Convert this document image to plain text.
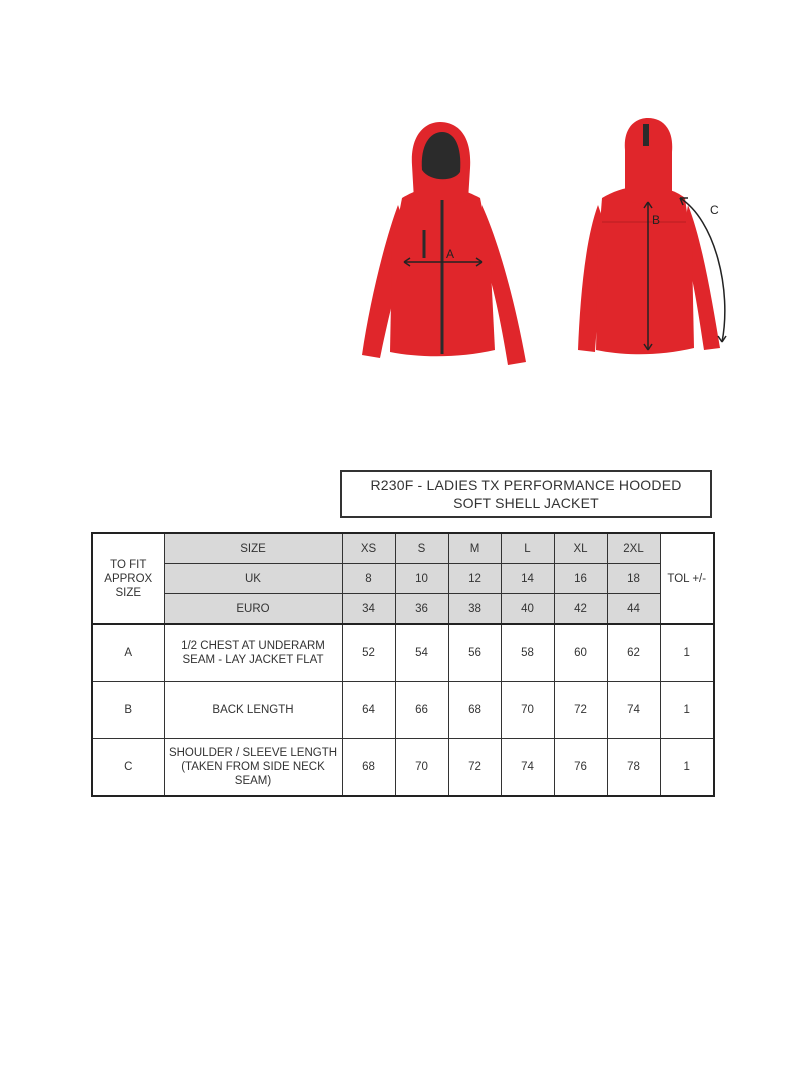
A
B
C
R230F - LADIES TX PERFORMANCE HOODED
SOFT SHELL JACKET
TO FIT APPROX SIZE	SIZE	XS	S	M	L	XL	2XL	TOL +/-
	UK	8	10	12	14	16	18	
	EURO	34	36	38	40	42	44	
A	1/2 CHEST AT UNDERARM SEAM - LAY JACKET FLAT	52	54	56	58	60	62	1
B	BACK LENGTH	64	66	68	70	72	74	1
C	SHOULDER / SLEEVE LENGTH (TAKEN FROM SIDE NECK SEAM)	68	70	72	74	76	78	1
